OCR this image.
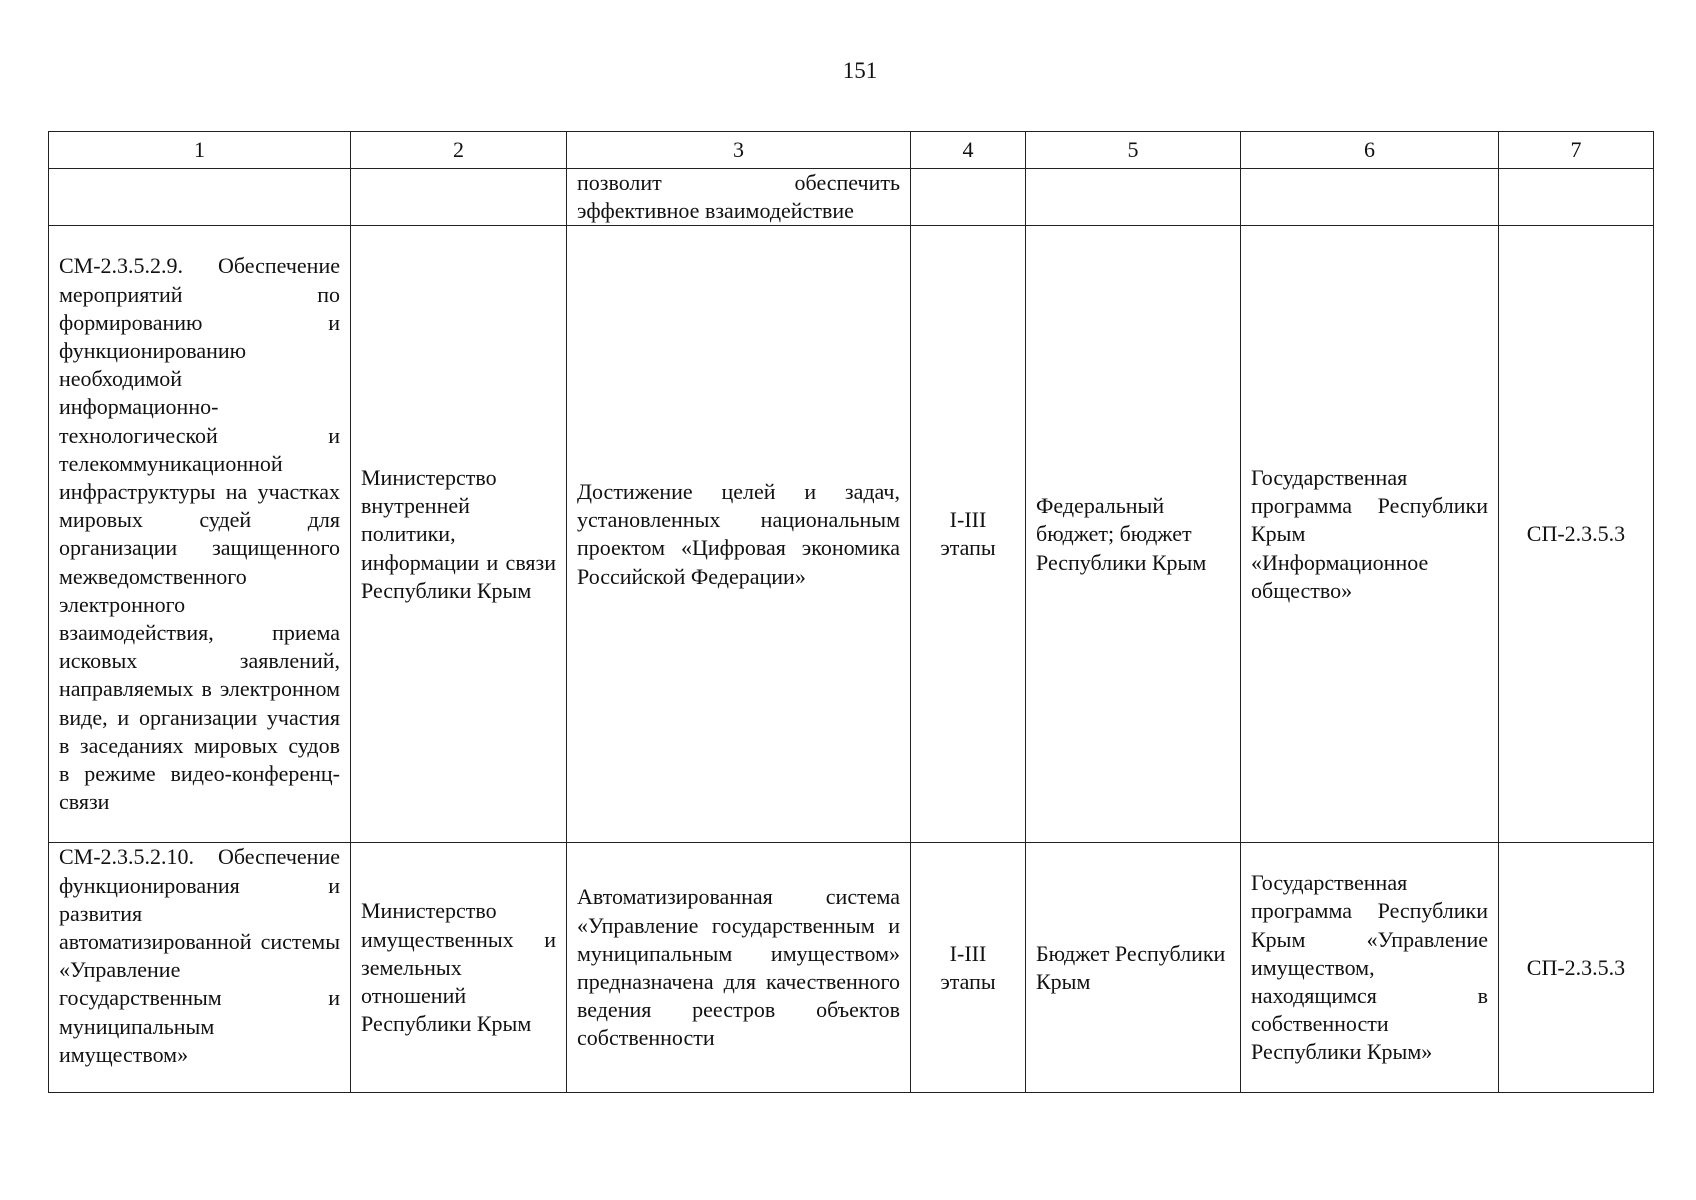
151
1	2	3	4	5	6	7
		позволит обеспечить эффективное взаимодействие				
СМ-2.3.5.2.9. Обеспечение мероприятий по формированию и функционированию необходимой информационно-технологической и телекоммуникационной инфраструктуры на участках мировых судей для организации защищенного межведомственного электронного взаимодействия, приема исковых заявлений, направляемых в электронном виде, и организации участия в заседаниях мировых судов в режиме видео-конференц-связи	Министерство внутренней политики, информации и связи Республики Крым	Достижение целей и задач, установленных национальным проектом «Цифровая экономика Российской Федерации»	I-III этапы	Федеральный бюджет; бюджет Республики Крым	Государственная программа Республики Крым «Информационное общество»	СП-2.3.5.3
СМ-2.3.5.2.10. Обеспечение функционирования и развития автоматизированной системы «Управление государственным и муниципальным имуществом»	Министерство имущественных и земельных отношений Республики Крым	Автоматизированная система «Управление государственным и муниципальным имуществом» предназначена для качественного ведения реестров объектов собственности	I-III этапы	Бюджет Республики Крым	Государственная программа Республики Крым «Управление имуществом, находящимся в собственности Республики Крым»	СП-2.3.5.3
